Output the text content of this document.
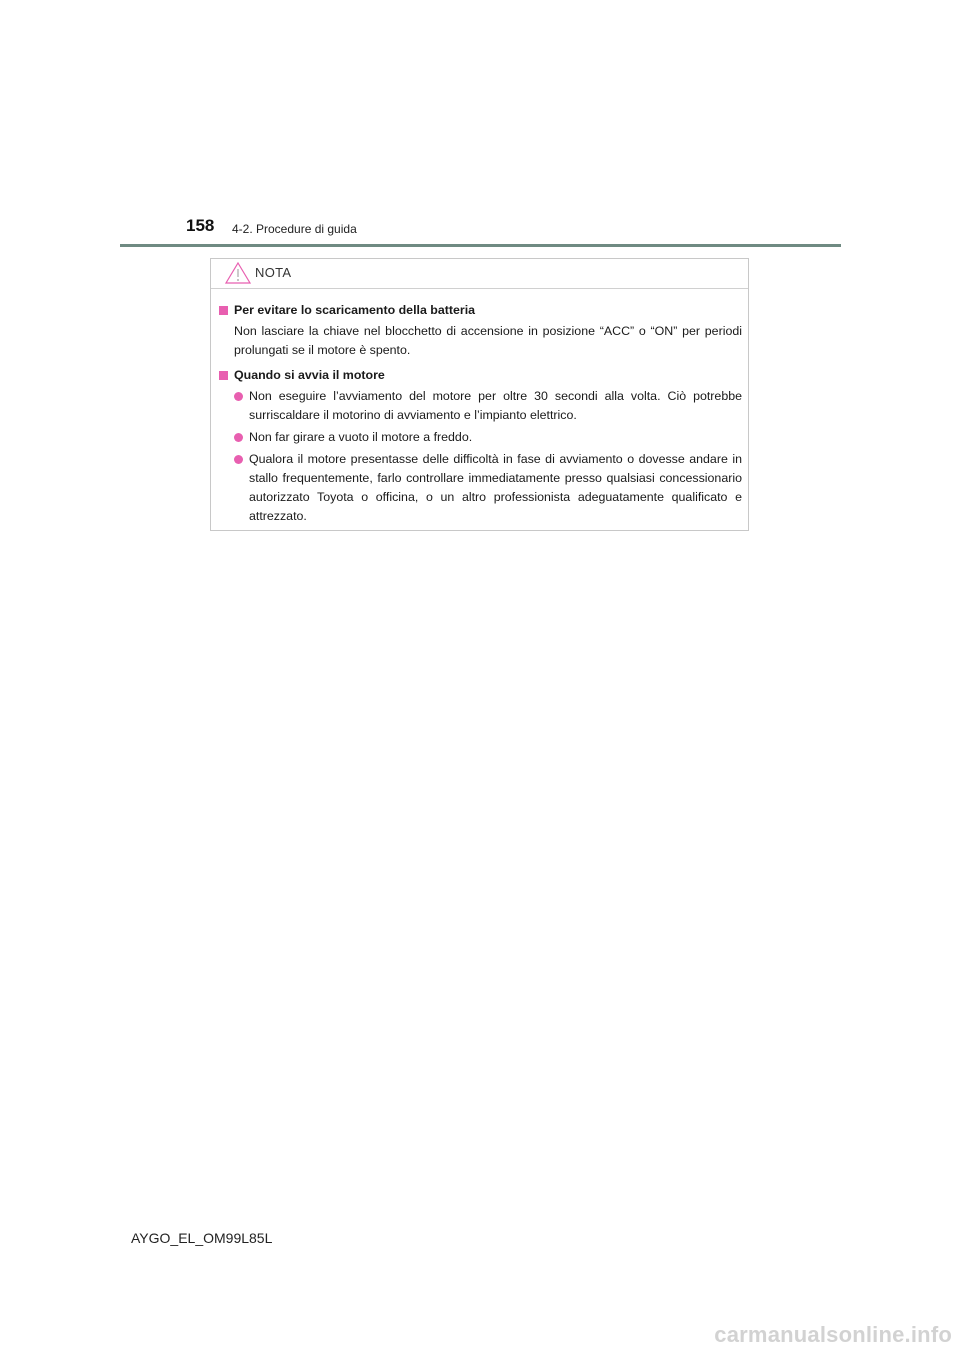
158 4-2. Procedure di guida
NOTA
Per evitare lo scaricamento della batteria
Non lasciare la chiave nel blocchetto di accensione in posizione “ACC” o “ON” per periodi prolungati se il motore è spento.
Quando si avvia il motore
Non eseguire l’avviamento del motore per oltre 30 secondi alla volta. Ciò potrebbe surriscaldare il motorino di avviamento e l’impianto elettrico.
Non far girare a vuoto il motore a freddo.
Qualora il motore presentasse delle difficoltà in fase di avviamento o dovesse andare in stallo frequentemente, farlo controllare immediatamente presso qualsiasi concessionario autorizzato Toyota o officina, o un altro professionista adeguatamente qualificato e attrezzato.
AYGO_EL_OM99L85L
carmanualsonline.info
